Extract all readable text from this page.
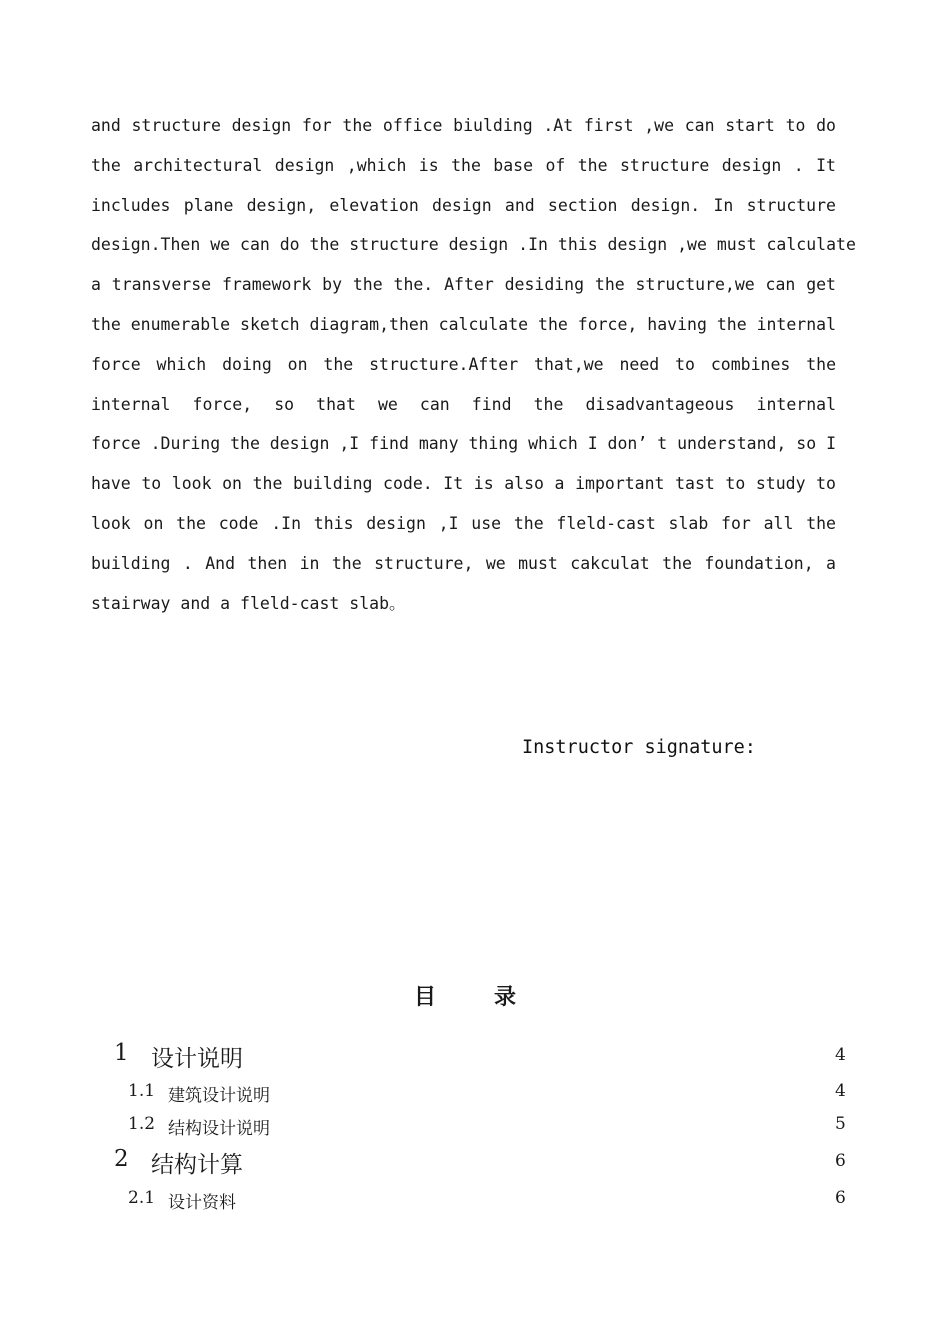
and structure design for the office biulding .At first ,we can start to do
the architectural design ,which is the base of the structure design . It
includes plane design, elevation design and section design. In structure
design.Then we can do the structure design .In this design ,we must calculate
a transverse framework by the the. After desiding the structure,we can get
the enumerable sketch diagram,then calculate the force, having the internal
force which doing on the structure.After that,we need to combines the
internal force, so that we can find the disadvantageous internal
force .During the design ,I find many thing which I don’ t understand, so I
have to look on the building code. It is also a important tast to study to
look on the code .In this design ,I use the fleld-cast slab for all the
building . And then in the structure, we must cakculat the foundation, a
stairway and a fleld-cast slab。
Instructor signature:
目	录
1 设计说明	4
1.1 建筑设计说明	4
1.2 结构设计说明	5
2 结构计算	6
2.1 设计资料	6
